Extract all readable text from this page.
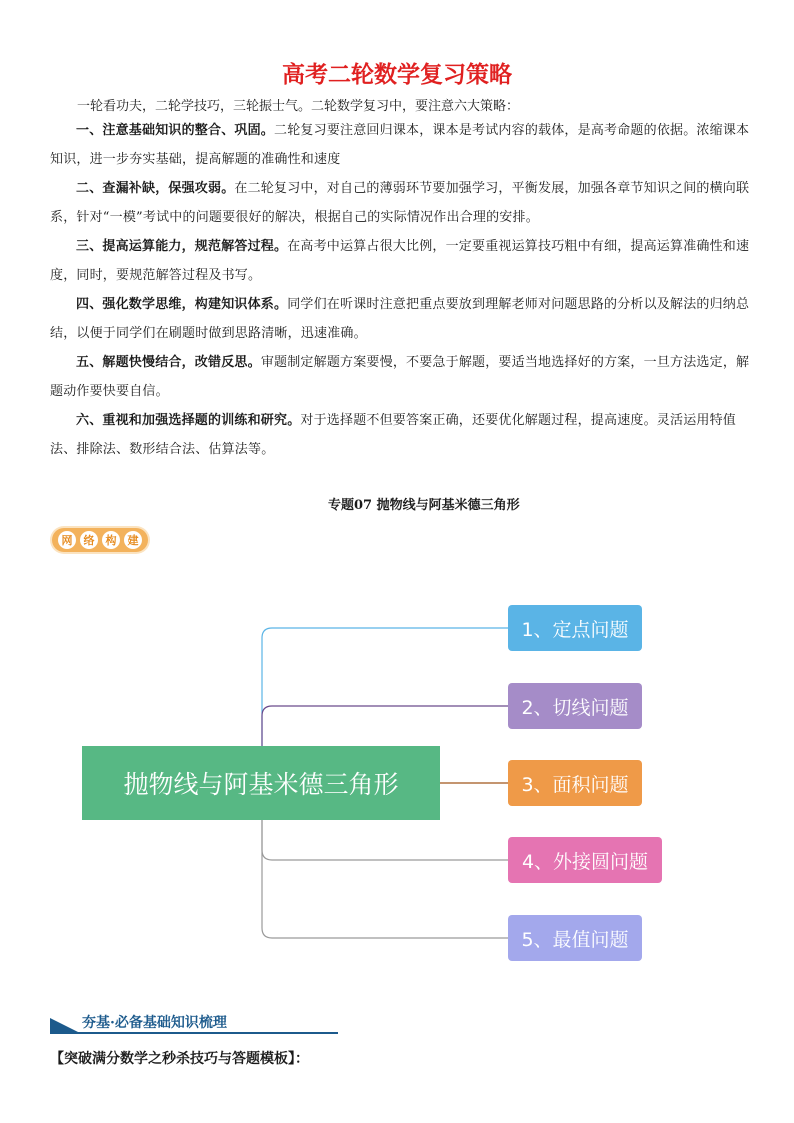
高考二轮数学复习策略
一轮看功夫，二轮学技巧，三轮振士气。二轮数学复习中，要注意六大策略：
一、注意基础知识的整合、巩固。二轮复习要注意回归课本，课本是考试内容的载体，是高考命题的依据。浓缩课本知识，进一步夯实基础，提高解题的准确性和速度
二、查漏补缺，保强攻弱。在二轮复习中，对自己的薄弱环节要加强学习，平衡发展，加强各章节知识之间的横向联系，针对“一模”考试中的问题要很好的解决，根据自己的实际情况作出合理的安排。
三、提高运算能力，规范解答过程。在高考中运算占很大比例，一定要重视运算技巧粗中有细，提高运算准确性和速度，同时，要规范解答过程及书写。
四、强化数学思维，构建知识体系。同学们在听课时注意把重点要放到理解老师对问题思路的分析以及解法的归纳总结，以便于同学们在刷题时做到思路清晰，迅速准确。
五、解题快慢结合，改错反思。审题制定解题方案要慢，不要急于解题，要适当地选择好的方案，一旦方法选定，解题动作要快要自信。
六、重视和加强选择题的训练和研究。对于选择题不但要答案正确，还要优化解题过程，提高速度。灵活运用特值法、排除法、数形结合法、估算法等。
专题07 抛物线与阿基米德三角形
网	络	构	建
抛物线与阿基米德三角形
1、定点问题
2、切线问题
3、面积问题
4、外接圆问题
5、最值问题
夯基·必备基础知识梳理
【突破满分数学之秒杀技巧与答题模板】：
